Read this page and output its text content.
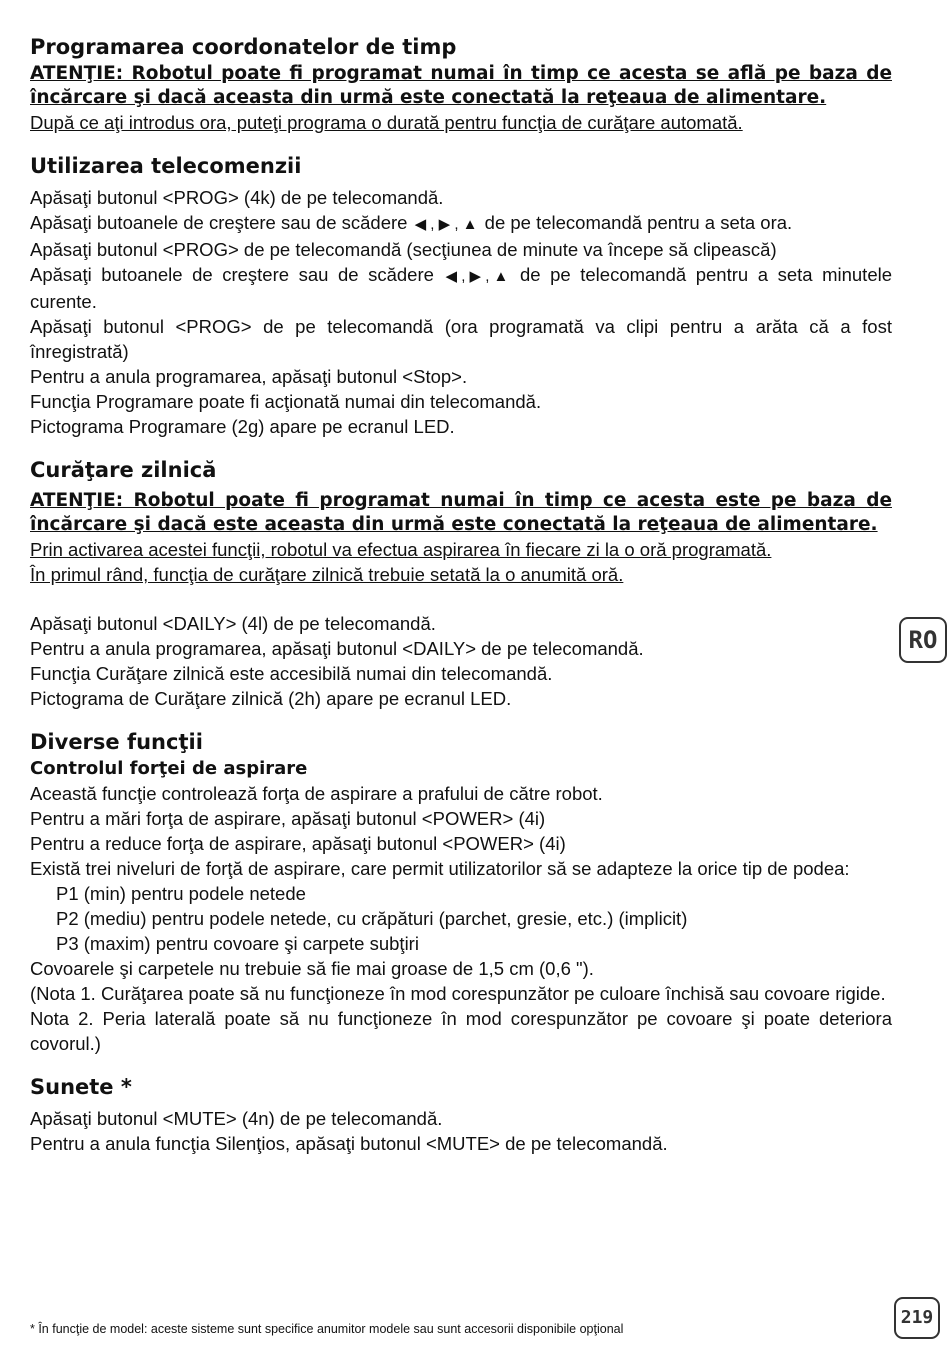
Programarea coordonatelor de timp

ATENŢIE: Robotul poate fi programat numai în timp ce acesta se află pe baza de încărcare şi dacă aceasta din urmă este conectată la reţeaua de alimentare.

După ce aţi introdus ora, puteţi programa o durată pentru funcţia de curăţare automată.

Utilizarea telecomenzii

Apăsaţi butonul <PROG> (4k) de pe telecomandă.

Apăsaţi butoanele de creştere sau de scădere ◀ , ▶ , ▲ de pe telecomandă pentru a seta ora.

Apăsaţi butonul <PROG> de pe telecomandă (secţiunea de minute va începe să clipească)

Apăsaţi butoanele de creştere sau de scădere ◀ , ▶ , ▲ de pe telecomandă pentru a seta minutele curente.

Apăsaţi butonul <PROG> de pe telecomandă (ora programată va clipi pentru a arăta că a fost înregistrată)

Pentru a anula programarea, apăsaţi butonul <Stop>.

Funcţia Programare poate fi acţionată numai din telecomandă.

Pictograma Programare (2g) apare pe ecranul LED.

Curăţare zilnică

ATENŢIE: Robotul poate fi programat numai în timp ce acesta este pe baza de încărcare şi dacă este aceasta din urmă este conectată la reţeaua de alimentare.

Prin activarea acestei funcţii, robotul va efectua aspirarea în fiecare zi la o oră programată.

În primul rând, funcţia de curăţare zilnică trebuie setată la o anumită oră.

Apăsaţi butonul <DAILY> (4l) de pe telecomandă.

Pentru a anula programarea, apăsaţi butonul <DAILY> de pe telecomandă.

Funcţia Curăţare zilnică este accesibilă numai din telecomandă.

Pictograma de Curăţare zilnică (2h) apare pe ecranul LED.

Diverse funcţii
Controlul forţei de aspirare

Această funcţie controlează forţa de aspirare a prafului de către robot.

Pentru a mări forţa de aspirare, apăsaţi butonul <POWER> (4i)

Pentru a reduce forţa de aspirare, apăsaţi butonul <POWER> (4i)

Există trei niveluri de forţă de aspirare, care permit utilizatorilor să se adapteze la orice tip de podea:

P1 (min) pentru podele netede

P2 (mediu) pentru podele netede, cu crăpături (parchet, gresie, etc.) (implicit)

P3 (maxim) pentru covoare şi carpete subţiri

Covoarele şi carpetele nu trebuie să fie mai groase de 1,5 cm (0,6 ").

(Nota 1. Curăţarea poate să nu funcţioneze în mod corespunzător pe culoare închisă sau covoare rigide.

Nota 2. Peria laterală poate să nu funcţioneze în mod corespunzător pe covoare şi poate deteriora covorul.)

Sunete *

Apăsaţi butonul <MUTE> (4n) de pe telecomandă.

Pentru a anula funcţia Silenţios, apăsaţi butonul <MUTE> de pe telecomandă.

RO
219
* În funcţie de model: aceste sisteme sunt specifice anumitor modele sau sunt accesorii disponibile opţional
